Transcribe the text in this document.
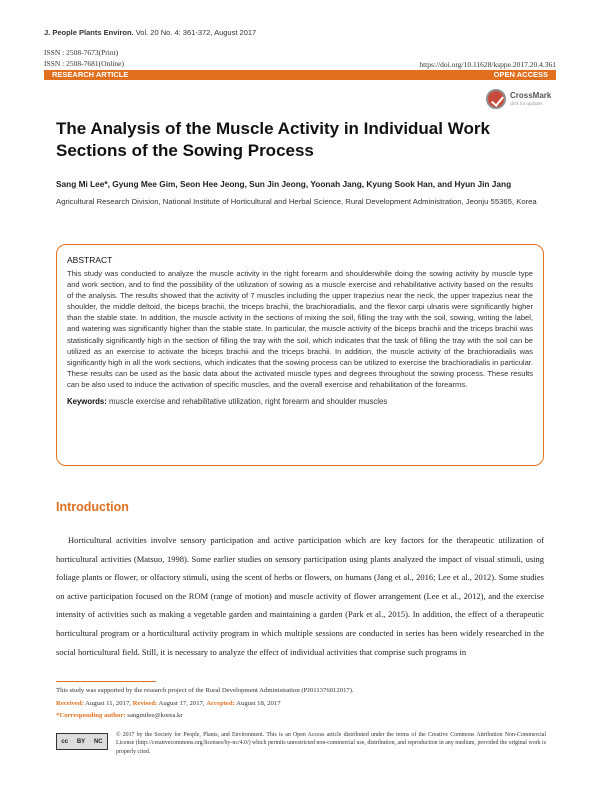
J. People Plants Environ. Vol. 20 No. 4: 361-372, August 2017
ISSN : 2508-7673(Print)
ISSN : 2508-7681(Online)	https://doi.org/10.11628/ksppe.2017.20.4.361
RESEARCH ARTICLE	OPEN ACCESS
CrossMark
click for updates
The Analysis of the Muscle Activity in Individual Work Sections of the Sowing Process
Sang Mi Lee*, Gyung Mee Gim, Seon Hee Jeong, Sun Jin Jeong, Yoonah Jang, Kyung Sook Han, and Hyun Jin Jang
Agricultural Research Division, National Institute of Horticultural and Herbal Science, Rural Development Administration, Jeonju 55365, Korea
ABSTRACT
This study was conducted to analyze the muscle activity in the right forearm and shoulderwhile doing the sowing activity by muscle type and work section, and to find the possibility of the utilization of sowing as a muscle exercise and rehabilitative activity based on the results of the analysis. The results showed that the activity of 7 muscles including the upper trapezius near the neck, the upper trapezius near the shoulder, the middle deltoid, the biceps brachii, the triceps brachii, the brachioradialis, and the flexor carpi ulnaris were significantly higher than the stable state. In addition, the muscle activity in the sections of mixing the soil, filling the tray with the soil, sowing, writing the label, and watering was significantly higher than the stable state. In particular, the muscle activity of the biceps brachii and the triceps brachii was statistically significantly high in the section of filling the tray with the soil, which indicates that the task of filling the tray with the soil can be utilized as an exercise to activate the biceps brachii and the triceps brachii. In addition, the muscle activity of the brachioradialis was significantly high in all the work sections, which indicates that the sowing process can be utilized to exercise the brachioradialis in particular. These results can be used as the basic data about the activated muscle types and degrees throughout the sowing process. These results can be also used to induce the activation of specific muscles, and the overall exercise and rehabilitation of the forearms.
Keywords: muscle exercise and rehabilitative utilization, right forearm and shoulder muscles
Introduction
Horticultural activities involve sensory participation and active participation which are key factors for the therapeutic utilization of horticultural activities (Matsuo, 1998). Some earlier studies on sensory participation using plants analyzed the impact of visual stimuli, using foliage plants or flower, or olfactory stimuli, using the scent of herbs or flowers, on humans (Jang et al., 2016; Lee et al., 2012). Some studies on active participation focused on the ROM (range of motion) and muscle activity of flower arrangement (Lee et al., 2012), and the exercise intensity of activities such as making a vegetable garden and maintaining a garden (Park et al., 2015). In addition, the effect of a therapeutic horticultural program or a horticultural activity program in which multiple sessions are conducted in series has been widely researched in the social horticultural field. Still, it is necessary to analyze the effect of individual activities that comprise such programs in
This study was supported by the research project of the Rural Development Administration (PJ011376012017).
Received: August 11, 2017, Revised: August 17, 2017, Accepted: August 18, 2017
*Corresponding author: sangmilee@korea.kr
cc BY NC
© 2017 by the Society for People, Plants, and Environment. This is an Open Access article distributed under the terms of the Creative Commons Attribution Non-Commercial License (http://creativecommons.org/licenses/by-nc/4.0/) which permits unrestricted non-commercial use, distribution, and reproduction in any medium, provided the original work is properly cited.
